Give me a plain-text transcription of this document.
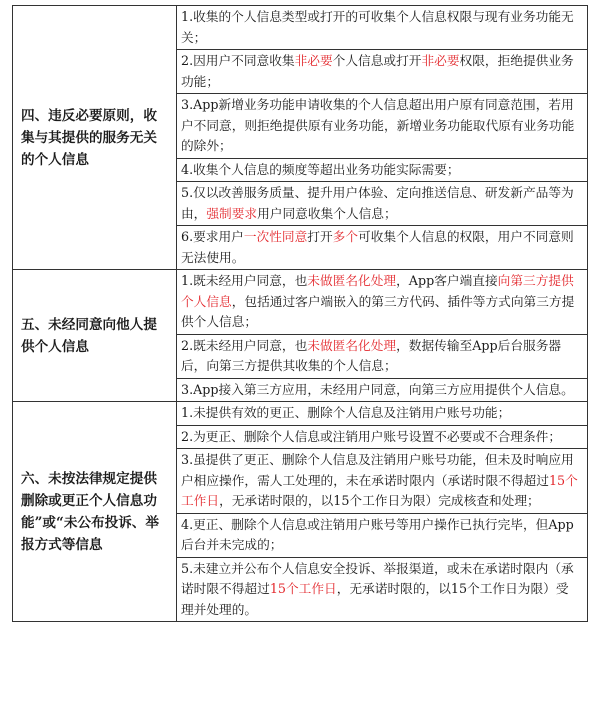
四、违反必要原则，收集与其提供的服务无关的个人信息	1.收集的个人信息类型或打开的可收集个人信息权限与现有业务功能无关；
	2.因用户不同意收集非必要个人信息或打开非必要权限，拒绝提供业务功能；
	3.App新增业务功能申请收集的个人信息超出用户原有同意范围，若用户不同意，则拒绝提供原有业务功能，新增业务功能取代原有业务功能的除外；
	4.收集个人信息的频度等超出业务功能实际需要；
	5.仅以改善服务质量、提升用户体验、定向推送信息、研发新产品等为由，强制要求用户同意收集个人信息；
	6.要求用户一次性同意打开多个可收集个人信息的权限，用户不同意则无法使用。
五、未经同意向他人提供个人信息	1.既未经用户同意，也未做匿名化处理，App客户端直接向第三方提供个人信息，包括通过客户端嵌入的第三方代码、插件等方式向第三方提供个人信息；
	2.既未经用户同意，也未做匿名化处理，数据传输至App后台服务器后，向第三方提供其收集的个人信息；
	3.App接入第三方应用，未经用户同意，向第三方应用提供个人信息。
六、未按法律规定提供删除或更正个人信息功能”或“未公布投诉、举报方式等信息	1.未提供有效的更正、删除个人信息及注销用户账号功能；
	2.为更正、删除个人信息或注销用户账号设置不必要或不合理条件；
	3.虽提供了更正、删除个人信息及注销用户账号功能，但未及时响应用户相应操作，需人工处理的，未在承诺时限内（承诺时限不得超过15个工作日，无承诺时限的，以15个工作日为限）完成核查和处理；
	4.更正、删除个人信息或注销用户账号等用户操作已执行完毕，但App后台并未完成的；
	5.未建立并公布个人信息安全投诉、举报渠道，或未在承诺时限内（承诺时限不得超过15个工作日，无承诺时限的，以15个工作日为限）受理并处理的。
